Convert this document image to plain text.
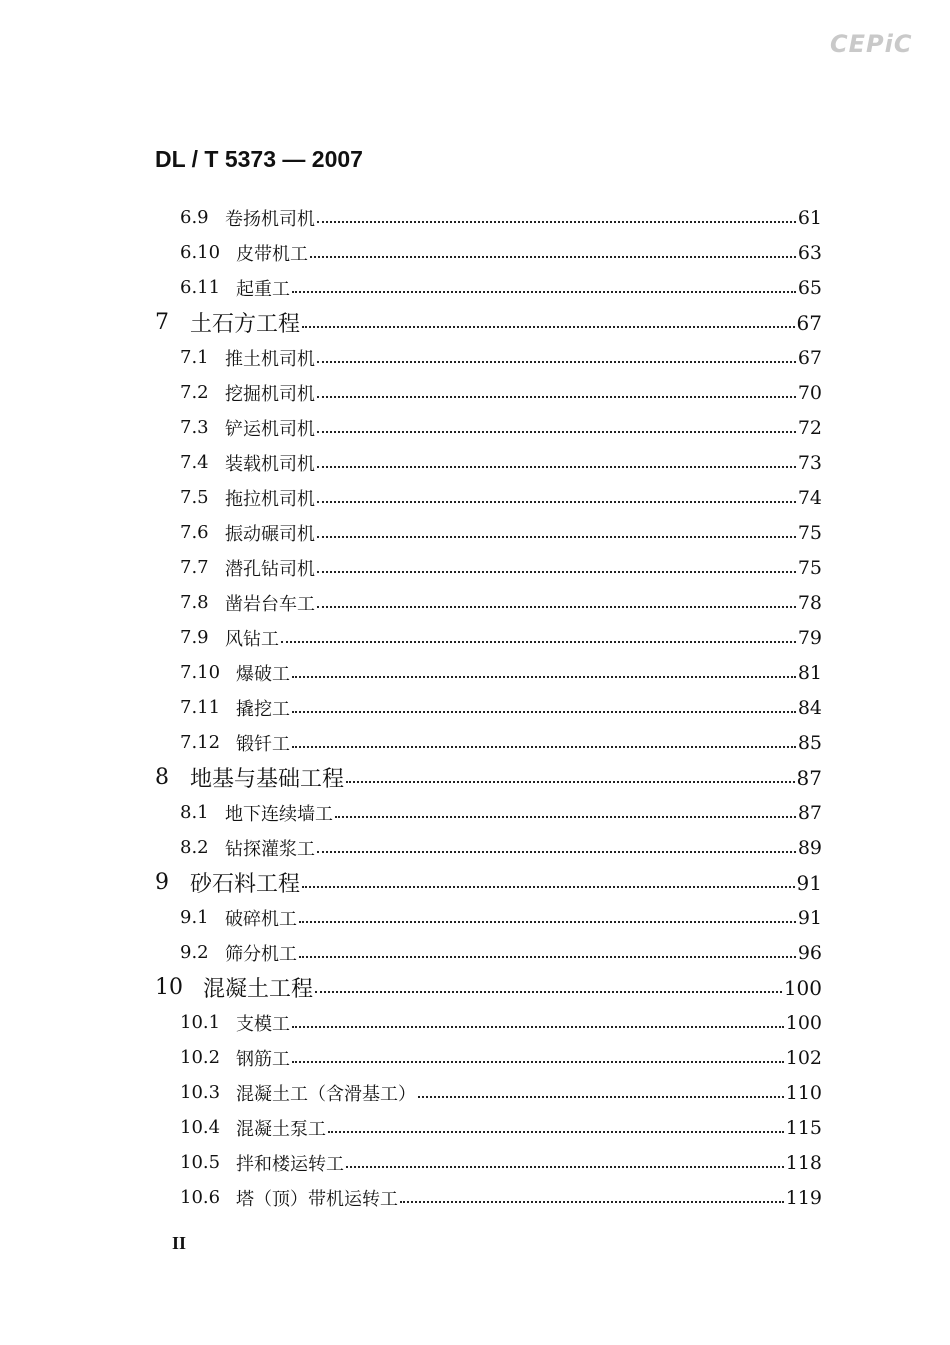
CEPiC
DL / T 5373 — 2007
6.9 卷扬机司机	61
6.10 皮带机工	63
6.11 起重工	65
7 土石方工程	67
7.1 推土机司机	67
7.2 挖掘机司机	70
7.3 铲运机司机	72
7.4 装载机司机	73
7.5 拖拉机司机	74
7.6 振动碾司机	75
7.7 潜孔钻司机	75
7.8 凿岩台车工	78
7.9 风钻工	79
7.10 爆破工	81
7.11 撬挖工	84
7.12 锻钎工	85
8 地基与基础工程	87
8.1 地下连续墙工	87
8.2 钻探灌浆工	89
9 砂石料工程	91
9.1 破碎机工	91
9.2 筛分机工	96
10 混凝土工程	100
10.1 支模工	100
10.2 钢筋工	102
10.3 混凝土工（含滑基工）	110
10.4 混凝土泵工	115
10.5 拌和楼运转工	118
10.6 塔（顶）带机运转工	119
II
